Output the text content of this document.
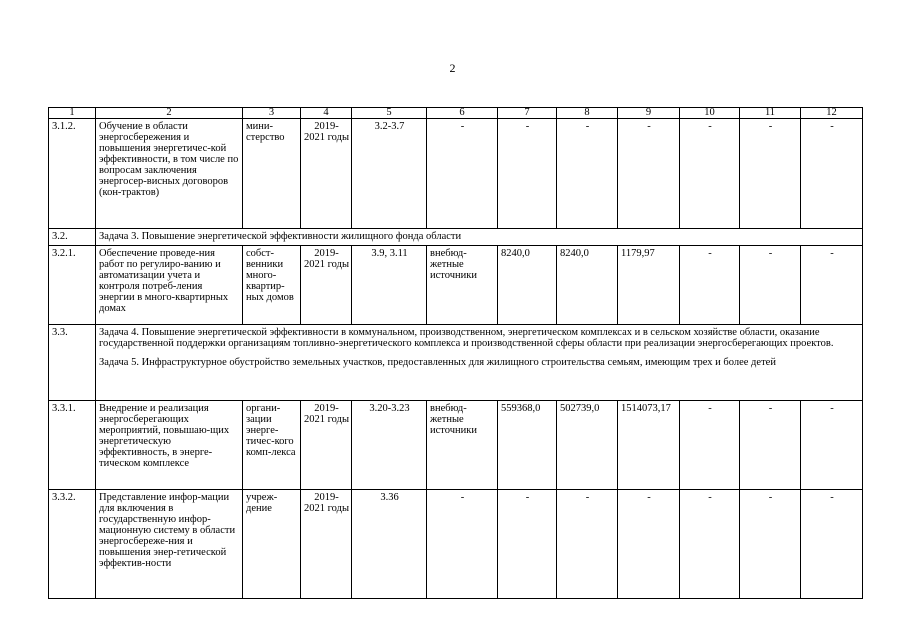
2
1	2	3	4	5	6	7	8	9	10	11	12
3.1.2.	Обучение в области энергосбережения и повышения энергетичес-кой эффективности, в том числе по вопросам заключения энергосер-висных договоров (кон-трактов)	мини-стерство	2019-2021 годы	3.2-3.7	-	-	-	-	-	-	-
3.2.	Задача 3. Повышение энергетической эффективности жилищного фонда области										
3.2.1.	Обеспечение проведе-ния работ по регулиро-ванию и автоматизации учета и контроля потреб-ления энергии в много-квартирных домах	собст-венники много-квартир-ных домов	2019-2021 годы	3.9, 3.11	внебюд-жетные источники	8240,0	8240,0	1179,97	-	-	-
3.3.	Задача 4. Повышение энергетической эффективности в коммунальном, производственном, энергетическом комплексах и в сельском хозяйстве области, оказание государственной поддержки организациям топливно-энергетического комплекса и производственной сферы области при реализации энергосберегающих проектов.
Задача 5. Инфраструктурное обустройство земельных участков, предоставленных для жилищного строительства семьям, имеющим трех и более детей										

3.3.1.	Внедрение и реализация энергосберегающих мероприятий, повышаю-щих энергетическую эффективность, в энерге-тическом комплексе	органи-зации энерге-тичес-кого комп-лекса	2019-2021 годы	3.20-3.23	внебюд-жетные источники	559368,0	502739,0	1514073,17	-	-	-
3.3.2.	Представление инфор-мации для включения в государственную инфор-мационную систему в области энергосбереже-ния и повышения энер-гетической эффектив-ности	учреж-дение	2019-2021 годы	3.36	-	-	-	-	-	-	-
